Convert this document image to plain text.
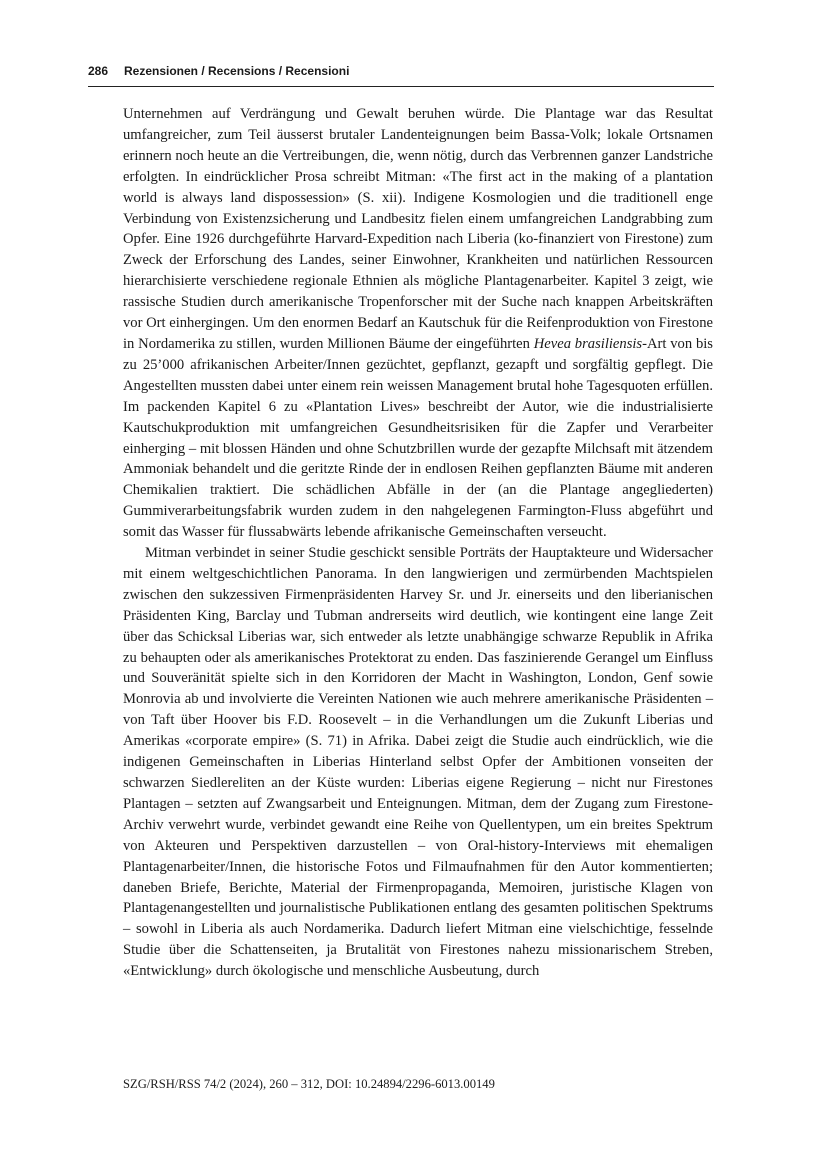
286 Rezensionen / Recensions / Recensioni

Unternehmen auf Verdrängung und Gewalt beruhen würde. Die Plantage war das Resultat umfangreicher, zum Teil äusserst brutaler Landenteignungen beim Bassa-Volk; lokale Ortsnamen erinnern noch heute an die Vertreibungen, die, wenn nötig, durch das Verbrennen ganzer Landstriche erfolgten. In eindrücklicher Prosa schreibt Mitman: «The first act in the making of a plantation world is always land dispossession» (S. xii). Indigene Kosmologien und die traditionell enge Verbindung von Existenzsicherung und Landbesitz fielen einem umfangreichen Landgrabbing zum Opfer. Eine 1926 durchgeführte Harvard-Expedition nach Liberia (ko-finanziert von Firestone) zum Zweck der Erforschung des Landes, seiner Einwohner, Krankheiten und natürlichen Ressourcen hierarchisierte verschiedene regionale Ethnien als mögliche Plantagenarbeiter. Kapitel 3 zeigt, wie rassische Studien durch amerikanische Tropenforscher mit der Suche nach knappen Arbeitskräften vor Ort einhergingen. Um den enormen Bedarf an Kautschuk für die Reifenproduktion von Firestone in Nordamerika zu stillen, wurden Millionen Bäume der eingeführten Hevea brasiliensis-Art von bis zu 25’000 afrikanischen Arbeiter/Innen gezüchtet, gepflanzt, gezapft und sorgfältig gepflegt. Die Angestellten mussten dabei unter einem rein weissen Management brutal hohe Tagesquoten erfüllen. Im packenden Kapitel 6 zu «Plantation Lives» beschreibt der Autor, wie die industrialisierte Kautschukproduktion mit umfangreichen Gesundheitsrisiken für die Zapfer und Verarbeiter einherging – mit blossen Händen und ohne Schutzbrillen wurde der gezapfte Milchsaft mit ätzendem Ammoniak behandelt und die geritzte Rinde der in endlosen Reihen gepflanzten Bäume mit anderen Chemikalien traktiert. Die schädlichen Abfälle in der (an die Plantage angegliederten) Gummiverarbeitungsfabrik wurden zudem in den nahgelegenen Farmington-Fluss abgeführt und somit das Wasser für flussabwärts lebende afrikanische Gemeinschaften verseucht.

Mitman verbindet in seiner Studie geschickt sensible Porträts der Hauptakteure und Widersacher mit einem weltgeschichtlichen Panorama. In den langwierigen und zermürbenden Machtspielen zwischen den sukzessiven Firmenpräsidenten Harvey Sr. und Jr. einerseits und den liberianischen Präsidenten King, Barclay und Tubman andrerseits wird deutlich, wie kontingent eine lange Zeit über das Schicksal Liberias war, sich entweder als letzte unabhängige schwarze Republik in Afrika zu behaupten oder als amerikanisches Protektorat zu enden. Das faszinierende Gerangel um Einfluss und Souveränität spielte sich in den Korridoren der Macht in Washington, London, Genf sowie Monrovia ab und involvierte die Vereinten Nationen wie auch mehrere amerikanische Präsidenten – von Taft über Hoover bis F.D. Roosevelt – in die Verhandlungen um die Zukunft Liberias und Amerikas «corporate empire» (S. 71) in Afrika. Dabei zeigt die Studie auch eindrücklich, wie die indigenen Gemeinschaften in Liberias Hinterland selbst Opfer der Ambitionen vonseiten der schwarzen Siedlereliten an der Küste wurden: Liberias eigene Regierung – nicht nur Firestones Plantagen – setzten auf Zwangsarbeit und Enteignungen. Mitman, dem der Zugang zum Firestone-Archiv verwehrt wurde, verbindet gewandt eine Reihe von Quellentypen, um ein breites Spektrum von Akteuren und Perspektiven darzustellen – von Oral-history-Interviews mit ehemaligen Plantagenarbeiter/Innen, die historische Fotos und Filmaufnahmen für den Autor kommentierten; daneben Briefe, Berichte, Material der Firmenpropaganda, Memoiren, juristische Klagen von Plantagenangestellten und journalistische Publikationen entlang des gesamten politischen Spektrums – sowohl in Liberia als auch Nordamerika. Dadurch liefert Mitman eine vielschichtige, fesselnde Studie über die Schattenseiten, ja Brutalität von Firestones nahezu missionarischem Streben, «Entwicklung» durch ökologische und menschliche Ausbeutung, durch

SZG/RSH/RSS 74/2 (2024), 260 – 312, DOI: 10.24894/2296-6013.00149
